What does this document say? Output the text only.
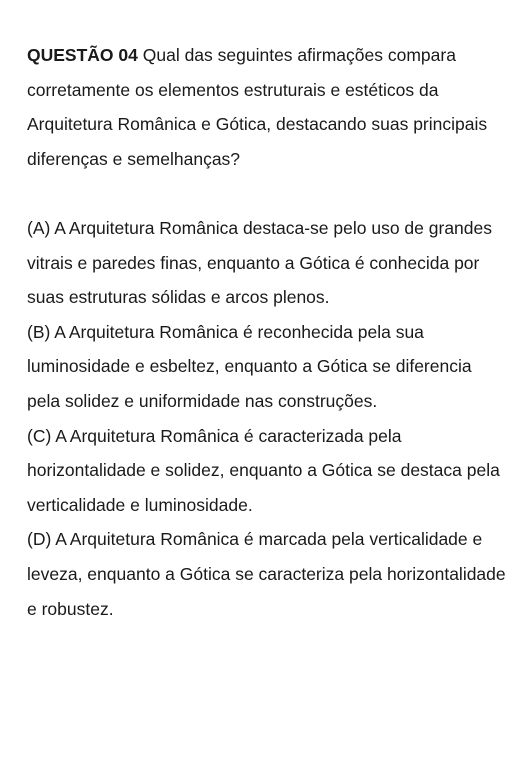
QUESTÃO 04 Qual das seguintes afirmações compara corretamente os elementos estruturais e estéticos da Arquitetura Românica e Gótica, destacando suas principais diferenças e semelhanças?

(A) A Arquitetura Românica destaca-se pelo uso de grandes vitrais e paredes finas, enquanto a Gótica é conhecida por suas estruturas sólidas e arcos plenos.

(B) A Arquitetura Românica é reconhecida pela sua luminosidade e esbeltez, enquanto a Gótica se diferencia pela solidez e uniformidade nas construções.

(C) A Arquitetura Românica é caracterizada pela horizontalidade e solidez, enquanto a Gótica se destaca pela verticalidade e luminosidade.

(D) A Arquitetura Românica é marcada pela verticalidade e leveza, enquanto a Gótica se caracteriza pela horizontalidade e robustez.
